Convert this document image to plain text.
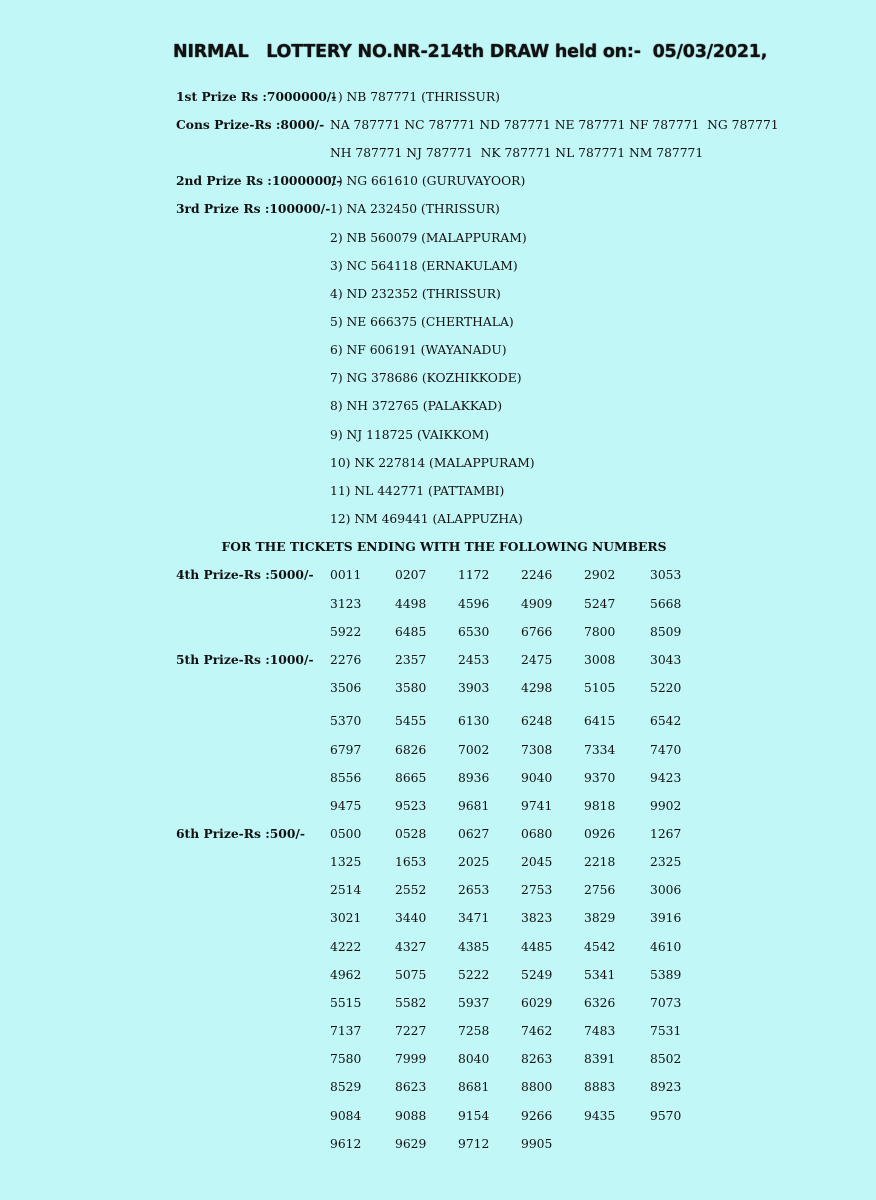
NIRMAL   LOTTERY NO.NR-214th DRAW held on:-  05/03/2021,
1st Prize Rs :7000000/-
1) NB 787771 (THRISSUR)
Cons Prize-Rs :8000/- NA 787771 NC 787771 ND 787771 NE 787771 NF 787771  NG 787771
NH 787771 NJ 787771  NK 787771 NL 787771 NM 787771
2nd Prize Rs :1000000/-
1) NG 661610 (GURUVAYOOR)
3rd Prize Rs :100000/- 1) NA 232450 (THRISSUR)
2) NB 560079 (MALAPPURAM)
3) NC 564118 (ERNAKULAM)
4) ND 232352 (THRISSUR)
5) NE 666375 (CHERTHALA)
6) NF 606191 (WAYANADU)
7) NG 378686 (KOZHIKKODE)
8) NH 372765 (PALAKKAD)
9) NJ 118725 (VAIKKOM)
10) NK 227814 (MALAPPURAM)
11) NL 442771 (PATTAMBI)
12) NM 469441 (ALAPPUZHA)
FOR THE TICKETS ENDING WITH THE FOLLOWING NUMBERS
4th Prize-Rs :5000/- 0011	0207	1172	2246	2902	3053
3123	4498	4596	4909	5247	5668
5922	6485	6530	6766	7800	8509
5th Prize-Rs :1000/- 2276	2357	2453	2475	3008	3043
3506	3580	3903	4298	5105	5220
5370	5455	6130	6248	6415	6542
6797	6826	7002	7308	7334	7470
8556	8665	8936	9040	9370	9423
9475	9523	9681	9741	9818	9902
6th Prize-Rs :500/- 0500	0528	0627	0680	0926	1267
1325	1653	2025	2045	2218	2325
2514	2552	2653	2753	2756	3006
3021	3440	3471	3823	3829	3916
4222	4327	4385	4485	4542	4610
4962	5075	5222	5249	5341	5389
5515	5582	5937	6029	6326	7073
7137	7227	7258	7462	7483	7531
7580	7999	8040	8263	8391	8502
8529	8623	8681	8800	8883	8923
9084	9088	9154	9266	9435	9570
9612	9629	9712	9905
